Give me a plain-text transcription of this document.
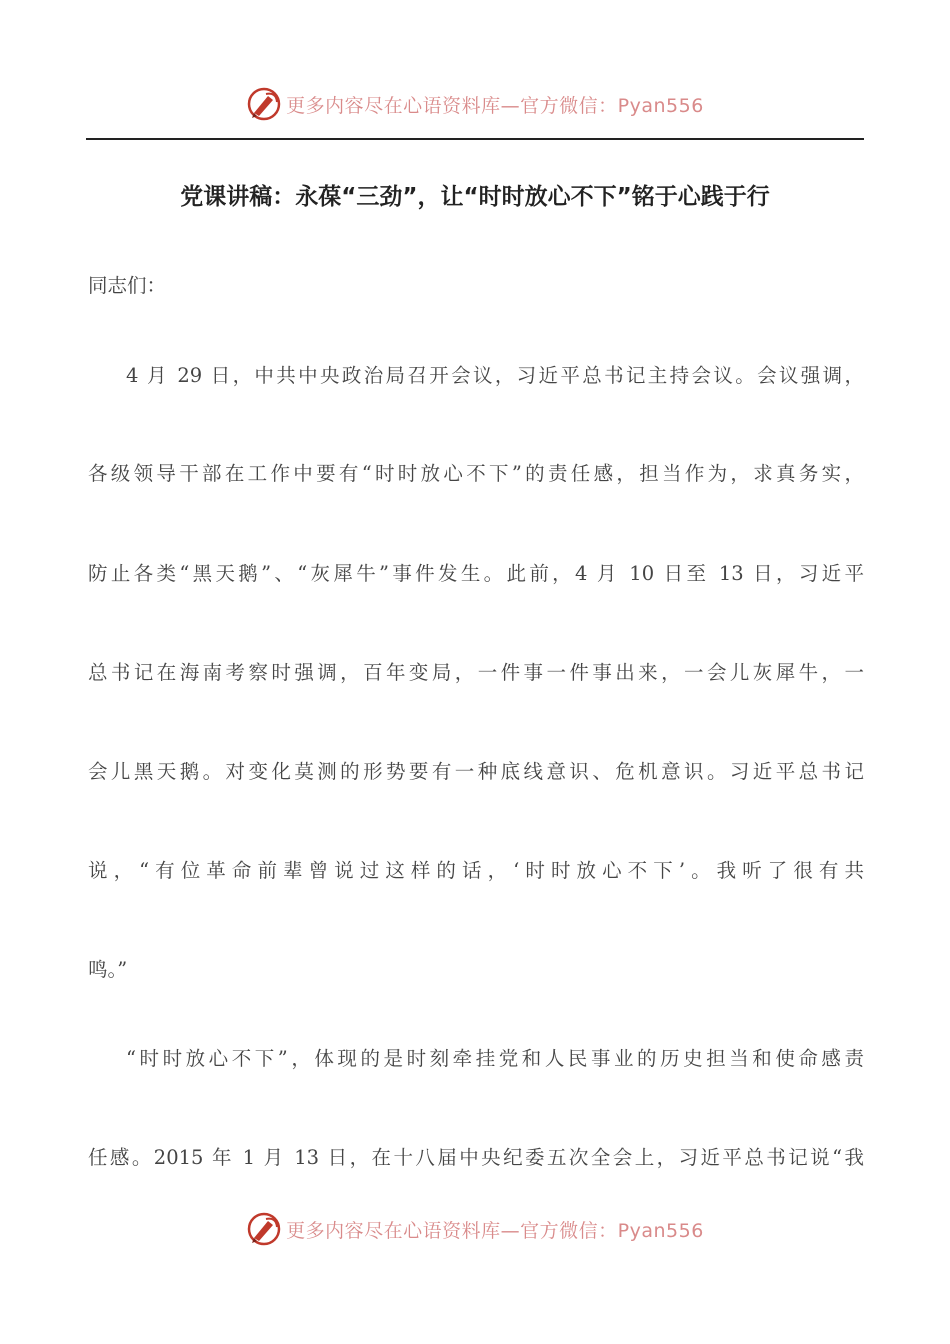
更多内容尽在心语资料库—官方微信：Pyan556
党课讲稿：永葆“三劲”，让“时时放心不下”铭于心践于行
同志们：
4 月 29 日，中共中央政治局召开会议，习近平总书记主持会议。会议强调，
各级领导干部在工作中要有“时时放心不下”的责任感，担当作为，求真务实，
防止各类“黑天鹅”、“灰犀牛”事件发生。此前，4 月 10 日至 13 日，习近平
总书记在海南考察时强调，百年变局，一件事一件事出来，一会儿灰犀牛，一
会儿黑天鹅。对变化莫测的形势要有一种底线意识、危机意识。习近平总书记
说，“有位革命前辈曾说过这样的话，‘时时放心不下’。我听了很有共
鸣。”
“时时放心不下”，体现的是时刻牵挂党和人民事业的历史担当和使命感责
任感。2015 年 1 月 13 日，在十八届中央纪委五次全会上，习近平总书记说“我
更多内容尽在心语资料库—官方微信：Pyan556
